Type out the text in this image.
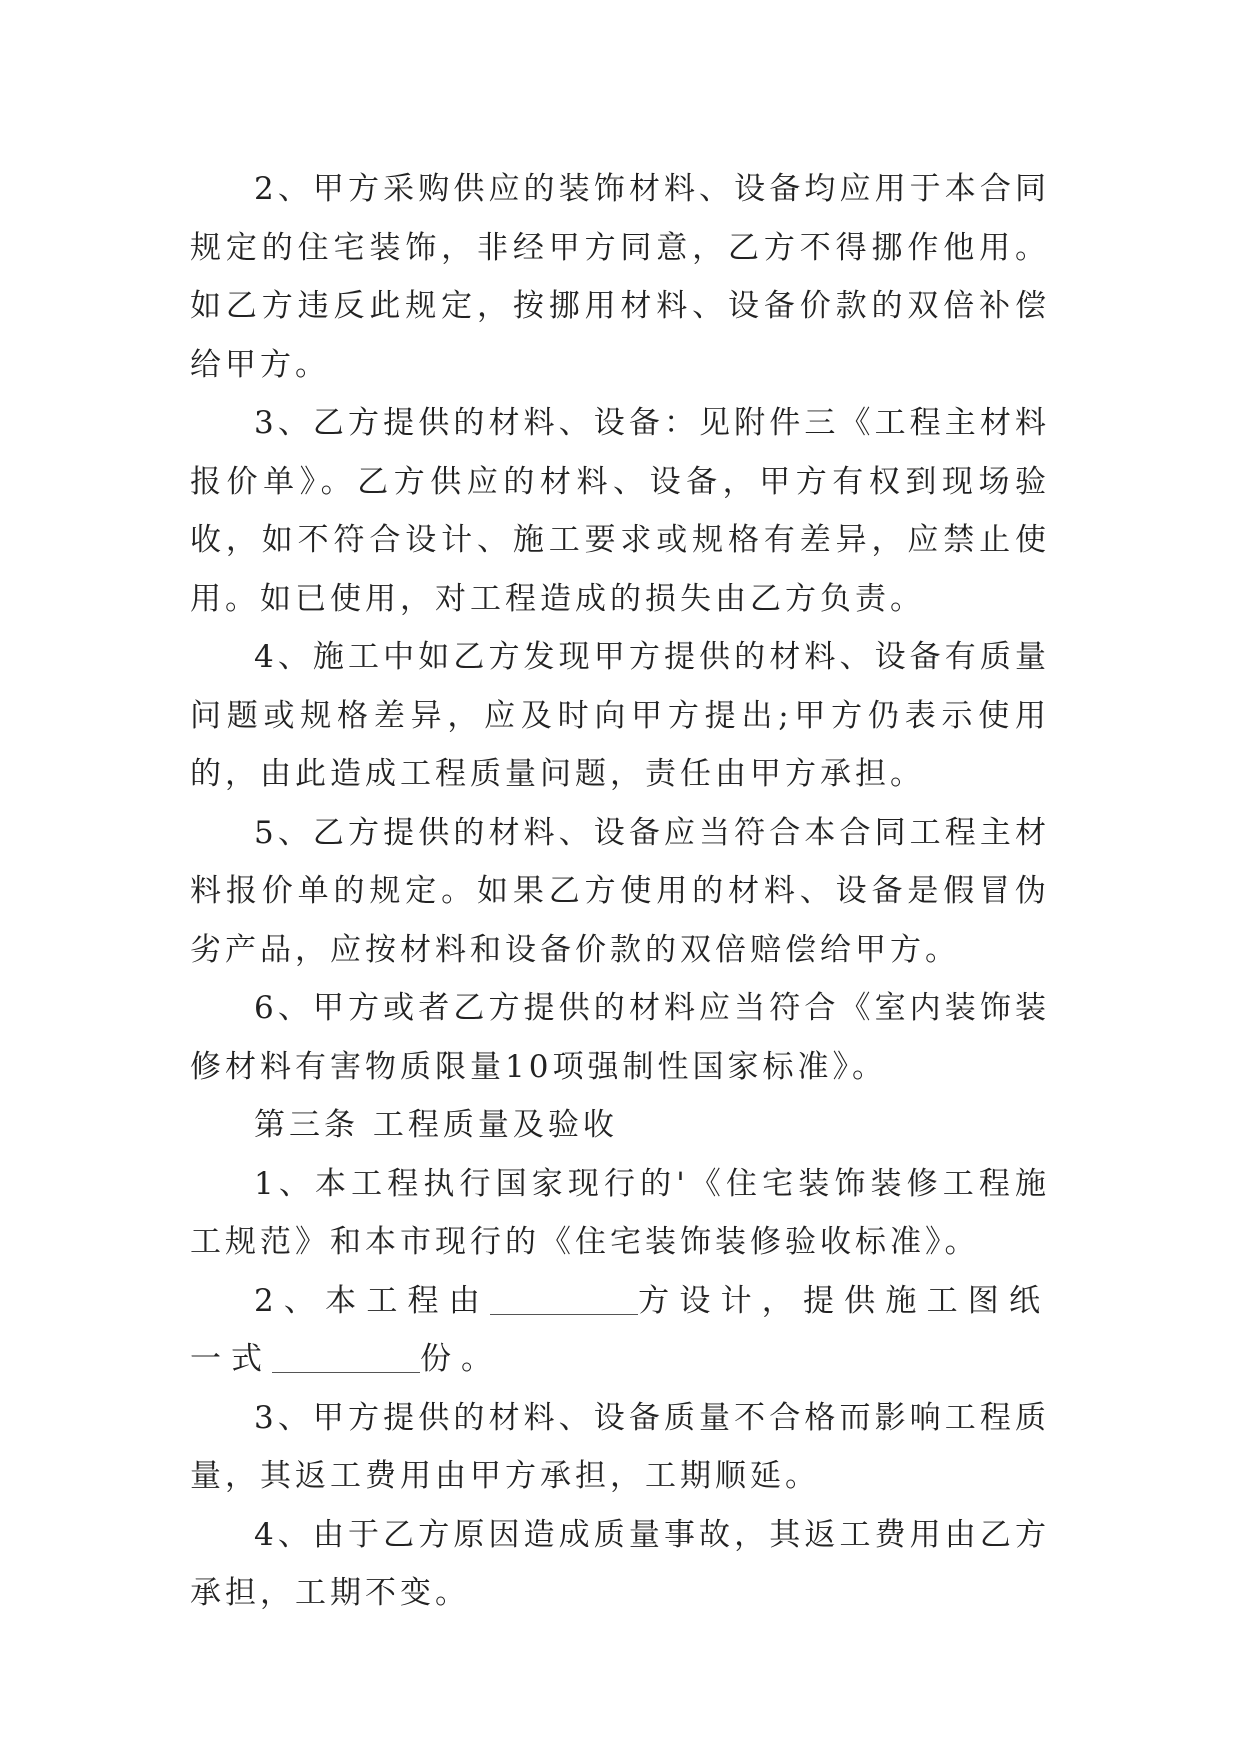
2、甲方采购供应的装饰材料、设备均应用于本合同规定的住宅装饰，非经甲方同意，乙方不得挪作他用。如乙方违反此规定，按挪用材料、设备价款的双倍补偿给甲方。

3、乙方提供的材料、设备：见附件三《工程主材料报价单》。乙方供应的材料、设备，甲方有权到现场验收，如不符合设计、施工要求或规格有差异，应禁止使用。如已使用，对工程造成的损失由乙方负责。

4、施工中如乙方发现甲方提供的材料、设备有质量问题或规格差异，应及时向甲方提出;甲方仍表示使用的，由此造成工程质量问题，责任由甲方承担。

5、乙方提供的材料、设备应当符合本合同工程主材料报价单的规定。如果乙方使用的材料、设备是假冒伪劣产品，应按材料和设备价款的双倍赔偿给甲方。

6、甲方或者乙方提供的材料应当符合《室内装饰装修材料有害物质限量10项强制性国家标准》。

第三条 工程质量及验收

1、本工程执行国家现行的'《住宅装饰装修工程施工规范》和本市现行的《住宅装饰装修验收标准》。

2、本工程由	方设计，提供施工图纸一式	份。

3、甲方提供的材料、设备质量不合格而影响工程质量，其返工费用由甲方承担，工期顺延。

4、由于乙方原因造成质量事故，其返工费用由乙方承担，工期不变。
